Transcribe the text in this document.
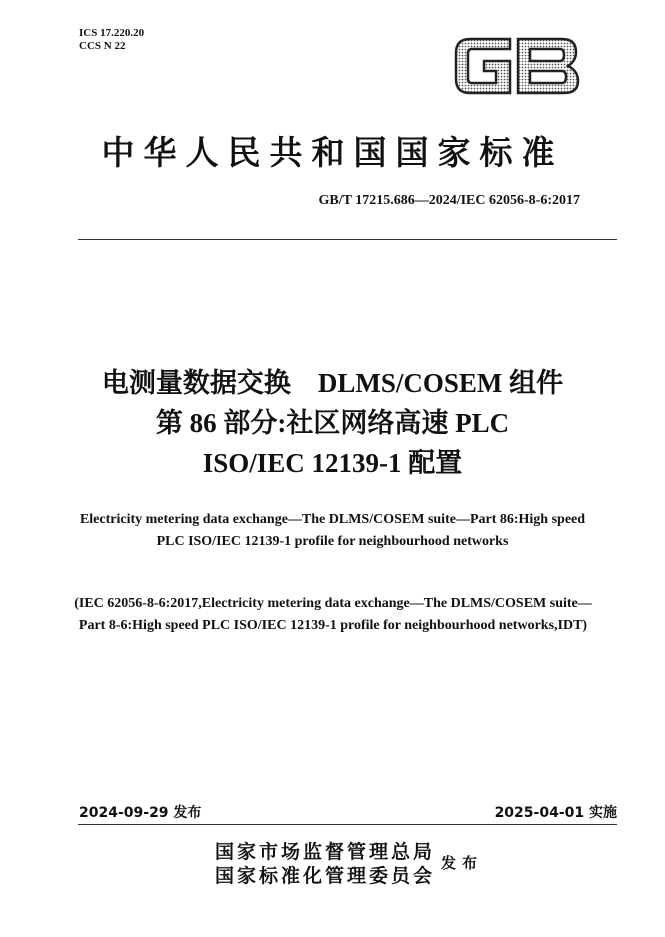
ICS 17.220.20
CCS N 22
中华人民共和国国家标准
GB/T 17215.686—2024/IEC 62056-8-6:2017
电测量数据交换　DLMS/COSEM 组件
第 86 部分:社区网络高速 PLC
ISO/IEC 12139-1 配置
Electricity metering data exchange—The DLMS/COSEM suite—Part 86:High speed PLC ISO/IEC 12139-1 profile for neighbourhood networks
(IEC 62056-8-6:2017,Electricity metering data exchange—The DLMS/COSEM suite—Part 8-6:High speed PLC ISO/IEC 12139-1 profile for neighbourhood networks,IDT)
2024-09-29 发布	2025-04-01 实施
国家市场监督管理总局
国家标准化管理委员会
发布
